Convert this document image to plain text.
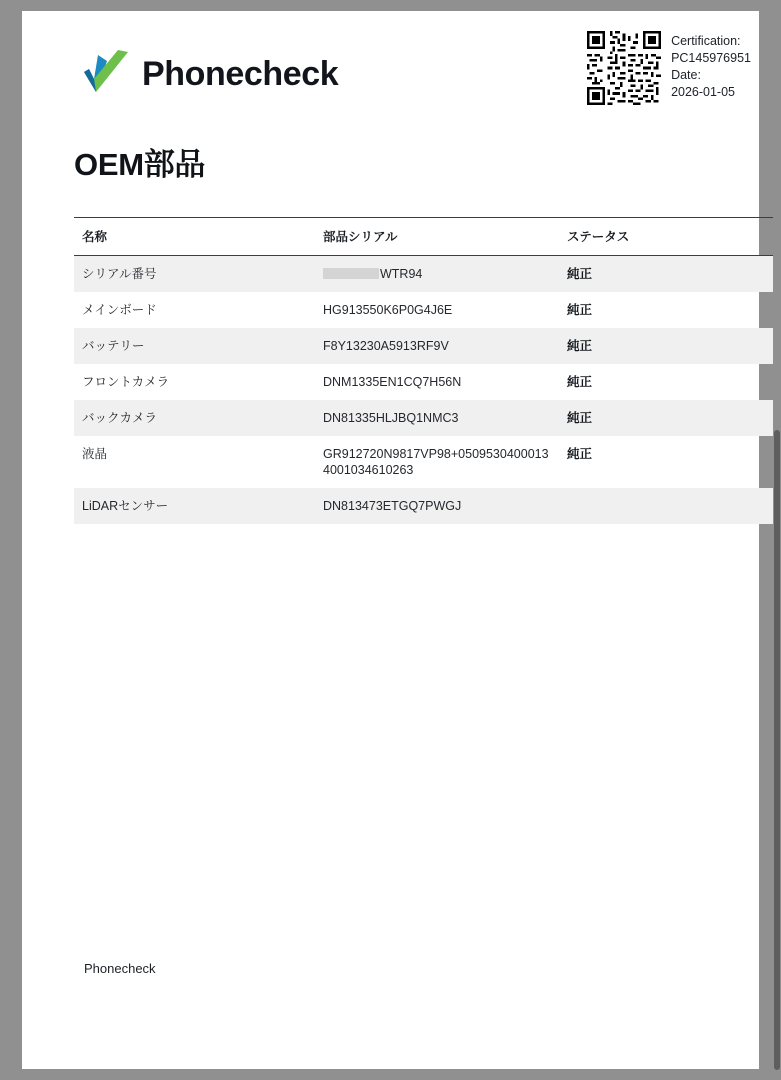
Phonecheck
Certification:
PC145976951
Date:
2026-01-05
OEM部品
名称	部品シリアル	ステータス
シリアル番号	WTR94	純正
メインボード	HG913550K6P0G4J6E	純正
バッテリー	F8Y13230A5913RF9V	純正
フロントカメラ	DNM1335EN1CQ7H56N	純正
バックカメラ	DN81335HLJBQ1NMC3	純正
液晶	GR912720N9817VP98+05095304000134001034610263	純正
LiDARセンサー	DN813473ETGQ7PWGJ	

Phonecheck
